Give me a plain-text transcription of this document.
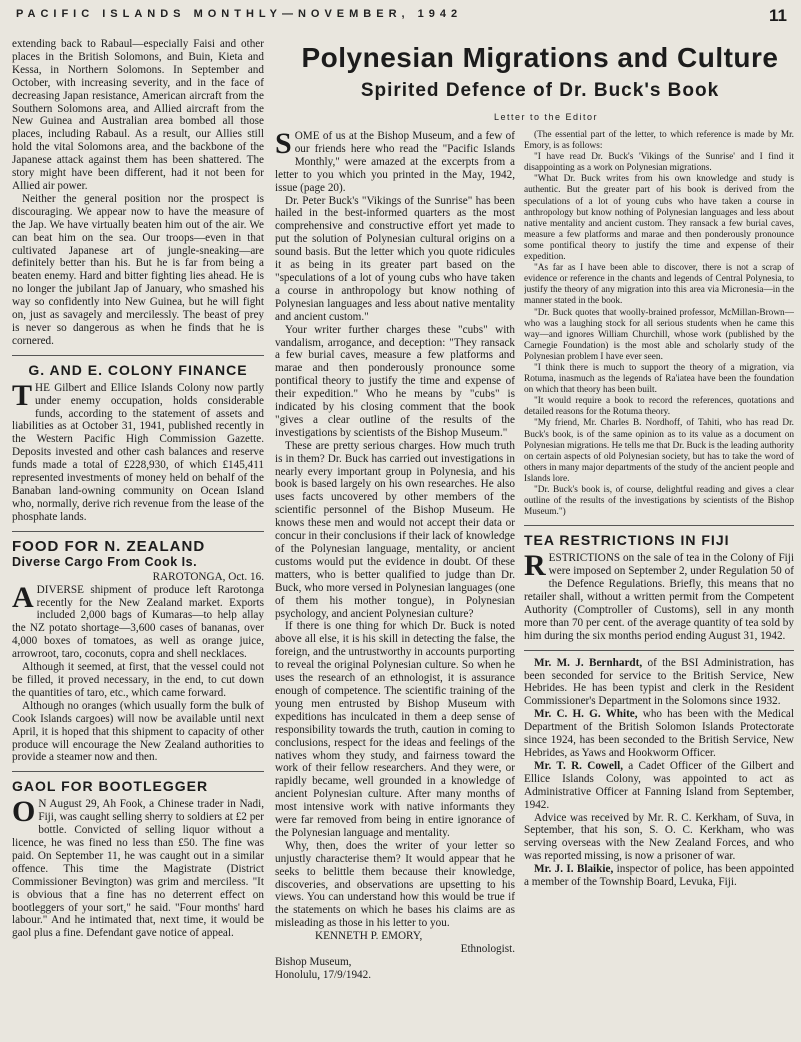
PACIFIC ISLANDS MONTHLY—NOVEMBER, 1942	11

extending back to Rabaul—especially Faisi and other places in the British Solomons, and Buin, Kieta and Kessa, in Northern Solomons. In September and October, with increasing severity, and in the face of decreasing Japan resistance, American aircraft from the Southern Solomons area, and Allied aircraft from the New Guinea and Australian area bombed all those places, including Rabaul. As a result, our Allies still hold the vital Solomons area, and the backbone of the Japanese attack against them has been shattered. The story might have been different, had it not been for Allied air power.

Neither the general position nor the prospect is discouraging. We appear now to have the measure of the Jap. We have virtually beaten him out of the air. We can beat him on the sea. Our troops—even in that cultivated Japanese art of jungle-sneaking—are definitely better than his. But he is far from being a beaten enemy. Hard and bitter fighting lies ahead. He is no longer the jubilant Jap of January, who smashed his way so confidently into New Guinea, but he will fight on, just as savagely and mercilessly. The beast of prey is never so dangerous as when he finds that he is cornered.

G. AND E. COLONY FINANCE

THE Gilbert and Ellice Islands Colony now partly under enemy occupation, holds considerable funds, according to the statement of assets and liabilities as at October 31, 1941, published recently in the Western Pacific High Commission Gazette. Deposits invested and other cash balances and reserve funds made a total of £228,930, of which £145,411 represented investments of money held on behalf of the Banaban land-owning community on Ocean Island who, normally, derive rich revenue from the lease of the phosphate lands.

FOOD FOR N. ZEALAND
Diverse Cargo From Cook Is.

RAROTONGA, Oct. 16.

ADIVERSE shipment of produce left Rarotonga recently for the New Zealand market. Exports included 2,000 bags of Kumaras—to help allay the NZ potato shortage—3,600 cases of bananas, over 4,000 boxes of tomatoes, as well as orange juice, arrowroot, taro, coconuts, copra and shell necklaces.

Although it seemed, at first, that the vessel could not be filled, it proved necessary, in the end, to cut down the quantities of taro, etc., which came forward.

Although no oranges (which usually form the bulk of Cook Islands cargoes) will now be available until next April, it is hoped that this shipment to capacity of other produce will encourage the New Zealand authorities to provide a steamer now and then.

GAOL FOR BOOTLEGGER

O N August 29, Ah Fook, a Chinese trader in Nadi, Fiji, was caught selling sherry to soldiers at £2 per bottle. Convicted of selling liquor without a licence, he was fined no less than £50. The fine was paid. On September 11, he was caught out in a similar offence. This time the Magistrate (District Commissioner Bevington) was grim and merciless. "It is obvious that a fine has no deterrent effect on bootleggers of your sort," he said. "Four months' hard labour." And he intimated that, next time, it would be gaol plus a fine. Defendant gave notice of appeal.

Polynesian Migrations and Culture
Spirited Defence of Dr. Buck's Book
Letter to the Editor

SOME of us at the Bishop Museum, and a few of our friends here who read the "Pacific Islands Monthly," were amazed at the excerpts from a letter to you which you printed in the May, 1942, issue (page 20).

Dr. Peter Buck's "Vikings of the Sunrise" has been hailed in the best-informed quarters as the most comprehensive and constructive effort yet made to put the solution of Polynesian cultural origins on a sound basis. But the letter which you quote ridicules it as being in its greater part based on the "speculations of a lot of young cubs who have taken a course in anthropology but know nothing of Polynesian languages and less about native mentality and ancient custom."

Your writer further charges these "cubs" with vandalism, arrogance, and deception: "They ransack a few burial caves, measure a few platforms and marae and then ponderously pronounce some pontifical theory to justify the time and expense of their expedition." Who he means by "cubs" is indicated by his closing comment that the book "gives a clear outline of the results of the investigations by scientists of the Bishop Museum."

These are pretty serious charges. How much truth is in them? Dr. Buck has carried out investigations in nearly every important group in Polynesia, and his book is based largely on his own researches. He also uses facts uncovered by other members of the scientific personnel of the Bishop Museum. He knows these men and would not accept their data or concur in their conclusions if their lack of knowledge of the Polynesian language, mentality, or ancient customs would put the evidence in doubt. Of these matters, who is better qualified to judge than Dr. Buck, who more versed in Polynesian languages (one of them his mother tongue), in Polynesian psychology, and ancient Polynesian culture?

If there is one thing for which Dr. Buck is noted above all else, it is his skill in detecting the false, the foreign, and the untrustworthy in accounts purporting to reveal the original Polynesian culture. So when he uses the research of an ethnologist, it is assurance enough of competence. The scientific training of the young men entrusted by Bishop Museum with expeditions has inculcated in them a deep sense of responsibility towards the truth, caution in coming to conclusions, respect for the ideas and feelings of the natives whom they study, and fairness toward the work of their fellow researchers. And they were, or rapidly became, well grounded in a knowledge of ancient Polynesian culture. After many months of most intensive work with native informants they were far removed from being in entire ignorance of the Polynesian language and mentality.

Why, then, does the writer of your letter so unjustly characterise them? It would appear that he seeks to belittle them because their knowledge, discoveries, and observations are upsetting to his views. You can understand how this would be true if the statements on which he bases his claims are as misleading as those in his letter to you.

KENNETH P. EMORY,

Ethnologist.

Bishop Museum,

Honolulu, 17/9/1942.

(The essential part of the letter, to which reference is made by Mr. Emory, is as follows:

"I have read Dr. Buck's 'Vikings of the Sunrise' and I find it disappointing as a work on Polynesian migrations.

"What Dr. Buck writes from his own knowledge and study is authentic. But the greater part of his book is derived from the speculations of a lot of young cubs who have taken a course in anthropology but know nothing of Polynesian languages and less about native mentality and ancient custom. They ransack a few burial caves, measure a few platforms and marae and then ponderously pronounce some pontifical theory to justify the time and expense of their expedition.

"As far as I have been able to discover, there is not a scrap of evidence or reference in the chants and legends of Central Polynesia, to justify the theory of any migration into this area via Micronesia—in the manner stated in the book.

"Dr. Buck quotes that woolly-brained professor, McMillan-Brown—who was a laughing stock for all serious students when he came this way—and ignores William Churchill, whose work (published by the Carnegie Foundation) is the most able and scholarly study of the Polynesian problem I have ever seen.

"I think there is much to support the theory of a migration, via Rotuma, inasmuch as the legends of Ra'iatea have been the foundation on which that theory has been built.

"It would require a book to record the references, quotations and detailed reasons for the Rotuma theory.

"My friend, Mr. Charles B. Nordhoff, of Tahiti, who has read Dr. Buck's book, is of the same opinion as to its value as a document on Polynesian migrations. He tells me that Dr. Buck is the leading authority on certain aspects of old Polynesian society, but has to take the word of others in many major departments of the study of the ancient people and Islands lore.

"Dr. Buck's book is, of course, delightful reading and gives a clear outline of the results of the investigations by scientists of the Bishop Museum.")

TEA RESTRICTIONS IN FIJI

RESTRICTIONS on the sale of tea in the Colony of Fiji were imposed on September 2, under Regulation 50 of the Defence Regulations. Briefly, this means that no retailer shall, without a written permit from the Competent Authority (Comptroller of Customs), sell in any month more than 70 per cent. of the average quantity of tea sold by him during the six months period ending August 31, 1942.

Mr. M. J. Bernhardt, of the BSI Administration, has been seconded for service to the British Service, New Hebrides. He has been typist and clerk in the Resident Commissioner's Department in the Solomons since 1932.

Mr. C. H. G. White, who has been with the Medical Department of the British Solomon Islands Protectorate since 1924, has been seconded to the British Service, New Hebrides, as Yaws and Hookworm Officer.

Mr. T. R. Cowell, a Cadet Officer of the Gilbert and Ellice Islands Colony, was appointed to act as Administrative Officer at Fanning Island from September, 1942.

Advice was received by Mr. R. C. Kerkham, of Suva, in September, that his son, S. O. C. Kerkham, who was serving overseas with the New Zealand Forces, and who was reported missing, is now a prisoner of war.

Mr. J. I. Blaikie, inspector of police, has been appointed a member of the Township Board, Levuka, Fiji.
